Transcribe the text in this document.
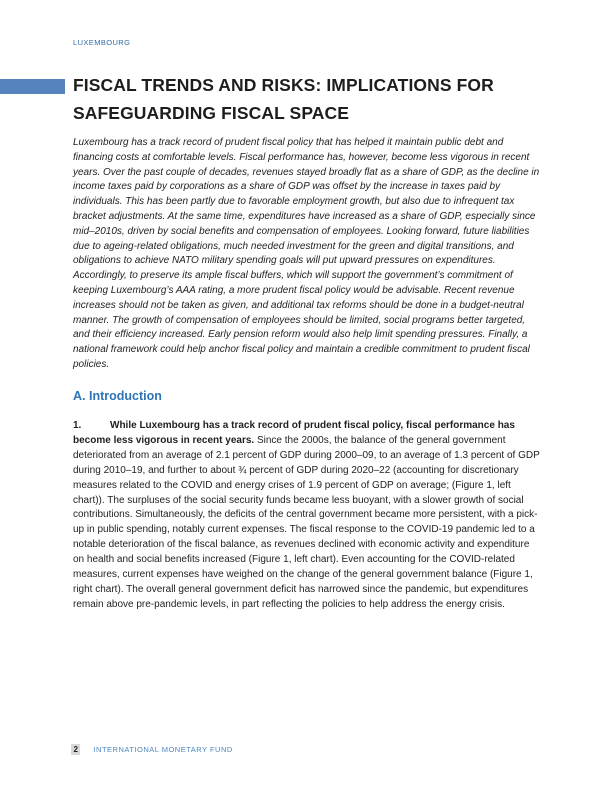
LUXEMBOURG
FISCAL TRENDS AND RISKS: IMPLICATIONS FOR SAFEGUARDING FISCAL SPACE

Luxembourg has a track record of prudent fiscal policy that has helped it maintain public debt and financing costs at comfortable levels. Fiscal performance has, however, become less vigorous in recent years. Over the past couple of decades, revenues stayed broadly flat as a share of GDP, as the decline in income taxes paid by corporations as a share of GDP was offset by the increase in taxes paid by individuals. This has been partly due to favorable employment growth, but also due to infrequent tax bracket adjustments. At the same time, expenditures have increased as a share of GDP, especially since mid–2010s, driven by social benefits and compensation of employees. Looking forward, future liabilities due to ageing-related obligations, much needed investment for the green and digital transitions, and obligations to achieve NATO military spending goals will put upward pressures on expenditures. Accordingly, to preserve its ample fiscal buffers, which will support the government’s commitment of keeping Luxembourg’s AAA rating, a more prudent fiscal policy would be advisable. Recent revenue increases should not be taken as given, and additional tax reforms should be done in a budget-neutral manner. The growth of compensation of employees should be limited, social programs better targeted, and their efficiency increased. Early pension reform would also help limit spending pressures. Finally, a national framework could help anchor fiscal policy and maintain a credible commitment to prudent fiscal policies.

A. Introduction

1.	While Luxembourg has a track record of prudent fiscal policy, fiscal performance has become less vigorous in recent years. Since the 2000s, the balance of the general government deteriorated from an average of 2.1 percent of GDP during 2000–09, to an average of 1.3 percent of GDP during 2010–19, and further to about ¾ percent of GDP during 2020–22 (accounting for discretionary measures related to the COVID and energy crises of 1.9 percent of GDP on average; (Figure 1, left chart)). The surpluses of the social security funds became less buoyant, with a slower growth of social contributions. Simultaneously, the deficits of the central government became more persistent, with a pick-up in public spending, notably current expenses. The fiscal response to the COVID-19 pandemic led to a notable deterioration of the fiscal balance, as revenues declined with economic activity and expenditure on health and social benefits increased (Figure 1, left chart). Even accounting for the COVID-related measures, current expenses have weighed on the change of the general government balance (Figure 1, right chart). The overall general government deficit has narrowed since the pandemic, but expenditures remain above pre-pandemic levels, in part reflecting the policies to help address the energy crisis.

2	INTERNATIONAL MONETARY FUND
